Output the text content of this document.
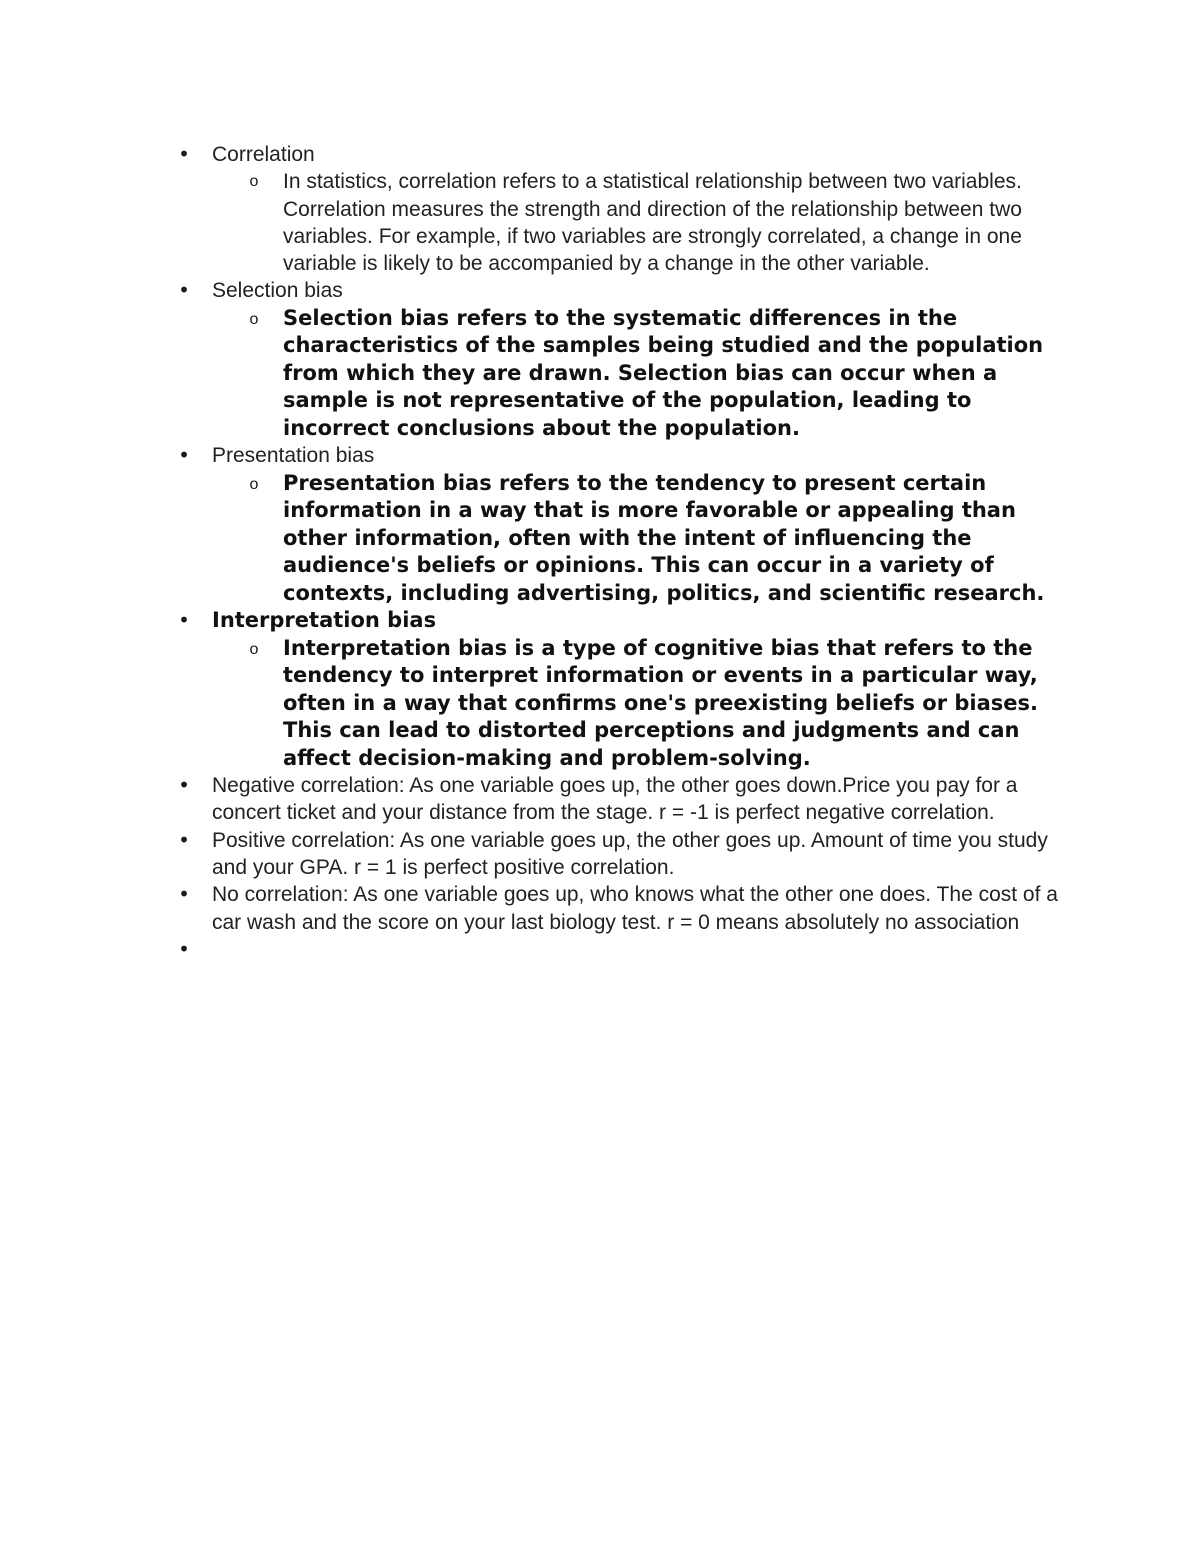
• Correlation
o In statistics, correlation refers to a statistical relationship between two variables. Correlation measures the strength and direction of the relationship between two variables. For example, if two variables are strongly correlated, a change in one variable is likely to be accompanied by a change in the other variable.
• Selection bias
o Selection bias refers to the systematic differences in the characteristics of the samples being studied and the population from which they are drawn. Selection bias can occur when a sample is not representative of the population, leading to incorrect conclusions about the population.
• Presentation bias
o Presentation bias refers to the tendency to present certain information in a way that is more favorable or appealing than other information, often with the intent of influencing the audience's beliefs or opinions. This can occur in a variety of contexts, including advertising, politics, and scientific research.
• Interpretation bias
o Interpretation bias is a type of cognitive bias that refers to the tendency to interpret information or events in a particular way, often in a way that confirms one's preexisting beliefs or biases. This can lead to distorted perceptions and judgments and can affect decision-making and problem-solving.
• Negative correlation: As one variable goes up, the other goes down.Price you pay for a concert ticket and your distance from the stage. r = -1 is perfect negative correlation.
• Positive correlation: As one variable goes up, the other goes up. Amount of time you study and your GPA. r = 1 is perfect positive correlation.
• No correlation: As one variable goes up, who knows what the other one does. The cost of a car wash and the score on your last biology test. r = 0 means absolutely no association
•
